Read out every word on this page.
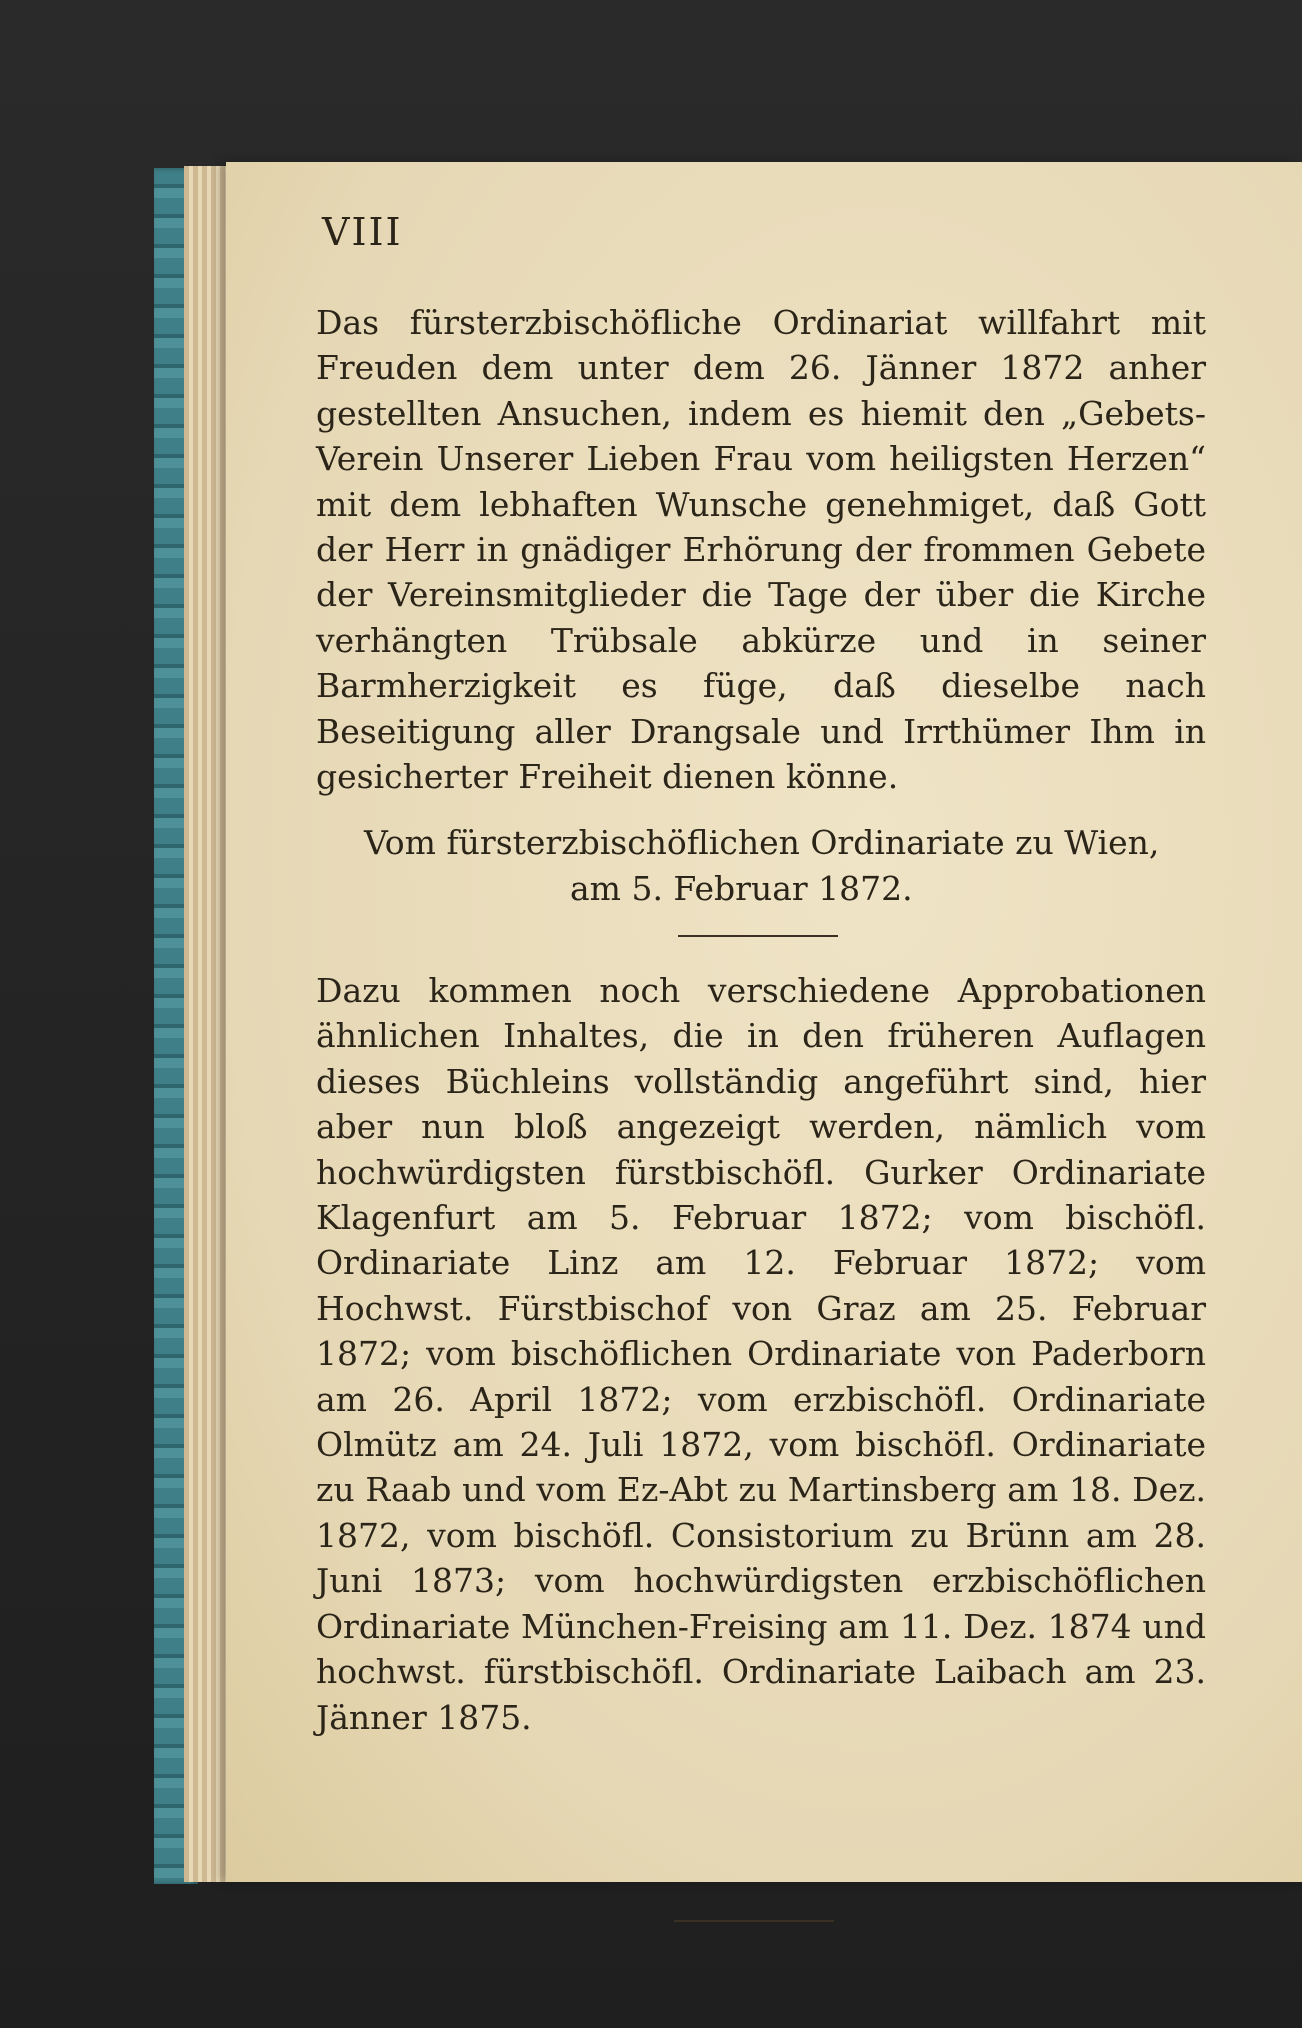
VIII

Das fürsterzbischöfliche Ordinariat willfahrt mit Freuden dem unter dem 26. Jänner 1872 anher gestellten Ansuchen, indem es hiemit den „Gebets-Verein Unserer Lieben Frau vom heiligsten Herzen“ mit dem lebhaften Wunsche genehmiget, daß Gott der Herr in gnädiger Erhörung der frommen Gebete der Vereinsmitglieder die Tage der über die Kirche verhängten Trübsale abkürze und in seiner Barmherzigkeit es füge, daß dieselbe nach Beseitigung aller Drangsale und Irrthümer Ihm in gesicherter Freiheit dienen könne.

Vom fürsterzbischöflichen Ordinariate zu Wien,
am 5. Februar 1872.

Dazu kommen noch verschiedene Approbationen ähnlichen Inhaltes, die in den früheren Auflagen dieses Büchleins vollständig angeführt sind, hier aber nun bloß angezeigt werden, nämlich vom hochwürdigsten fürstbischöfl. Gurker Ordinariate Klagenfurt am 5. Februar 1872; vom bischöfl. Ordinariate Linz am 12. Februar 1872; vom Hochwst. Fürstbischof von Graz am 25. Februar 1872; vom bischöflichen Ordinariate von Paderborn am 26. April 1872; vom erzbischöfl. Ordinariate Olmütz am 24. Juli 1872, vom bischöfl. Ordinariate zu Raab und vom Ez-Abt zu Martinsberg am 18. Dez. 1872, vom bischöfl. Consistorium zu Brünn am 28. Juni 1873; vom hochwürdigsten erzbischöflichen Ordinariate München-Freising am 11. Dez. 1874 und hochwst. fürstbischöfl. Ordinariate Laibach am 23. Jänner 1875.
